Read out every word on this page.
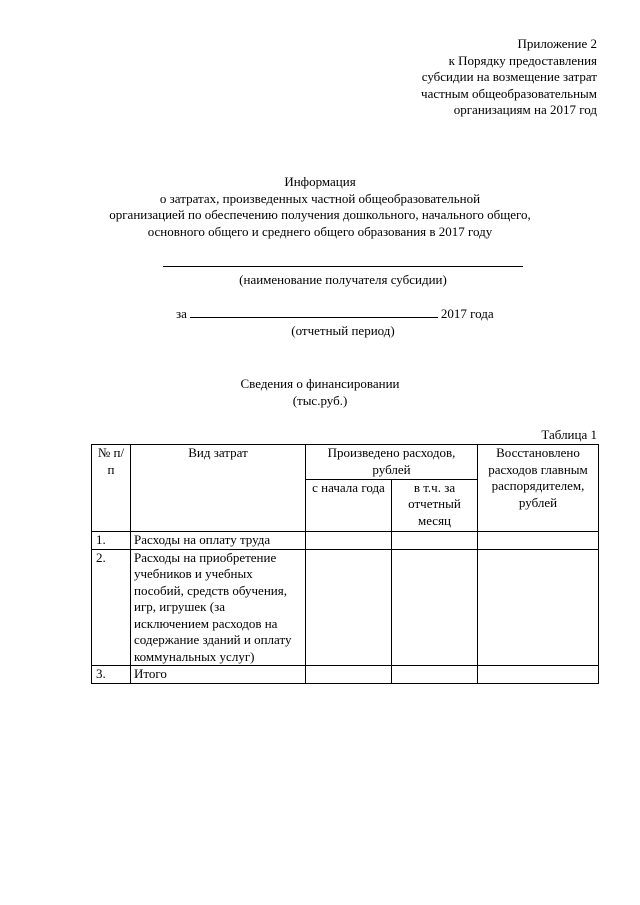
Приложение 2
к Порядку предоставления
субсидии на возмещение затрат
частным общеобразовательным
организациям на 2017 год
Информация
о затратах, произведенных частной общеобразовательной
организацией по обеспечению получения дошкольного, начального общего,
основного общего и среднего общего образования в 2017 году
(наименование получателя субсидии)
за	2017 года
(отчетный период)
Сведения о финансировании
(тыс.руб.)
Таблица 1
№ п/п	Вид затрат	Произведено расходов, рублей		Восстановлено расходов главным распорядителем, рублей
		с начала года	в т.ч. за отчетный месяц	
1.	Расходы на оплату труда			
2.	Расходы на приобретение учебников и учебных пособий, средств обучения, игр, игрушек (за исключением расходов на содержание зданий и оплату коммунальных услуг)			
3.	Итого			
